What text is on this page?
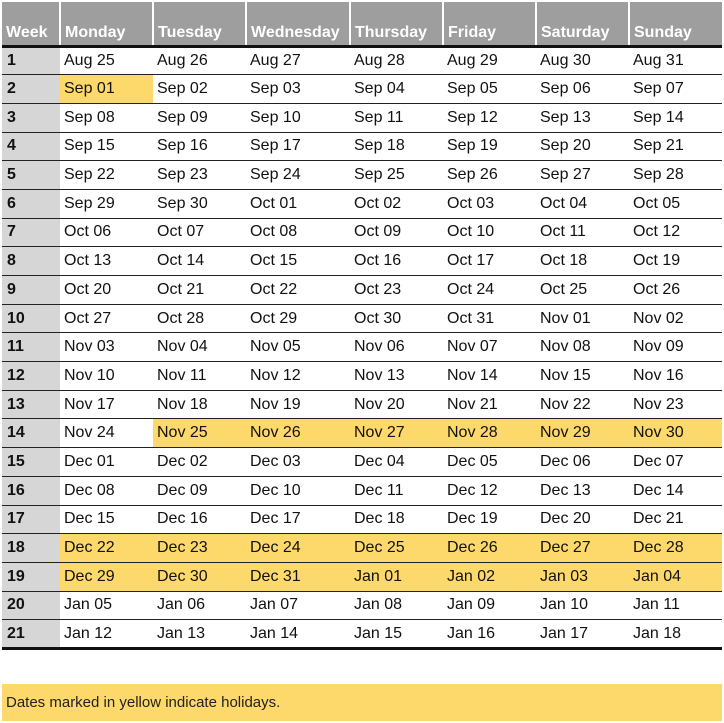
Week	Monday	Tuesday	Wednesday	Thursday	Friday	Saturday	Sunday
1	Aug 25	Aug 26	Aug 27	Aug 28	Aug 29	Aug 30	Aug 31
2	Sep 01	Sep 02	Sep 03	Sep 04	Sep 05	Sep 06	Sep 07
3	Sep 08	Sep 09	Sep 10	Sep 11	Sep 12	Sep 13	Sep 14
4	Sep 15	Sep 16	Sep 17	Sep 18	Sep 19	Sep 20	Sep 21
5	Sep 22	Sep 23	Sep 24	Sep 25	Sep 26	Sep 27	Sep 28
6	Sep 29	Sep 30	Oct 01	Oct 02	Oct 03	Oct 04	Oct 05
7	Oct 06	Oct 07	Oct 08	Oct 09	Oct 10	Oct 11	Oct 12
8	Oct 13	Oct 14	Oct 15	Oct 16	Oct 17	Oct 18	Oct 19
9	Oct 20	Oct 21	Oct 22	Oct 23	Oct 24	Oct 25	Oct 26
10	Oct 27	Oct 28	Oct 29	Oct 30	Oct 31	Nov 01	Nov 02
11	Nov 03	Nov 04	Nov 05	Nov 06	Nov 07	Nov 08	Nov 09
12	Nov 10	Nov 11	Nov 12	Nov 13	Nov 14	Nov 15	Nov 16
13	Nov 17	Nov 18	Nov 19	Nov 20	Nov 21	Nov 22	Nov 23
14	Nov 24	Nov 25	Nov 26	Nov 27	Nov 28	Nov 29	Nov 30
15	Dec 01	Dec 02	Dec 03	Dec 04	Dec 05	Dec 06	Dec 07
16	Dec 08	Dec 09	Dec 10	Dec 11	Dec 12	Dec 13	Dec 14
17	Dec 15	Dec 16	Dec 17	Dec 18	Dec 19	Dec 20	Dec 21
18	Dec 22	Dec 23	Dec 24	Dec 25	Dec 26	Dec 27	Dec 28
19	Dec 29	Dec 30	Dec 31	Jan 01	Jan 02	Jan 03	Jan 04
20	Jan 05	Jan 06	Jan 07	Jan 08	Jan 09	Jan 10	Jan 11
21	Jan 12	Jan 13	Jan 14	Jan 15	Jan 16	Jan 17	Jan 18
Dates marked in yellow indicate holidays.
